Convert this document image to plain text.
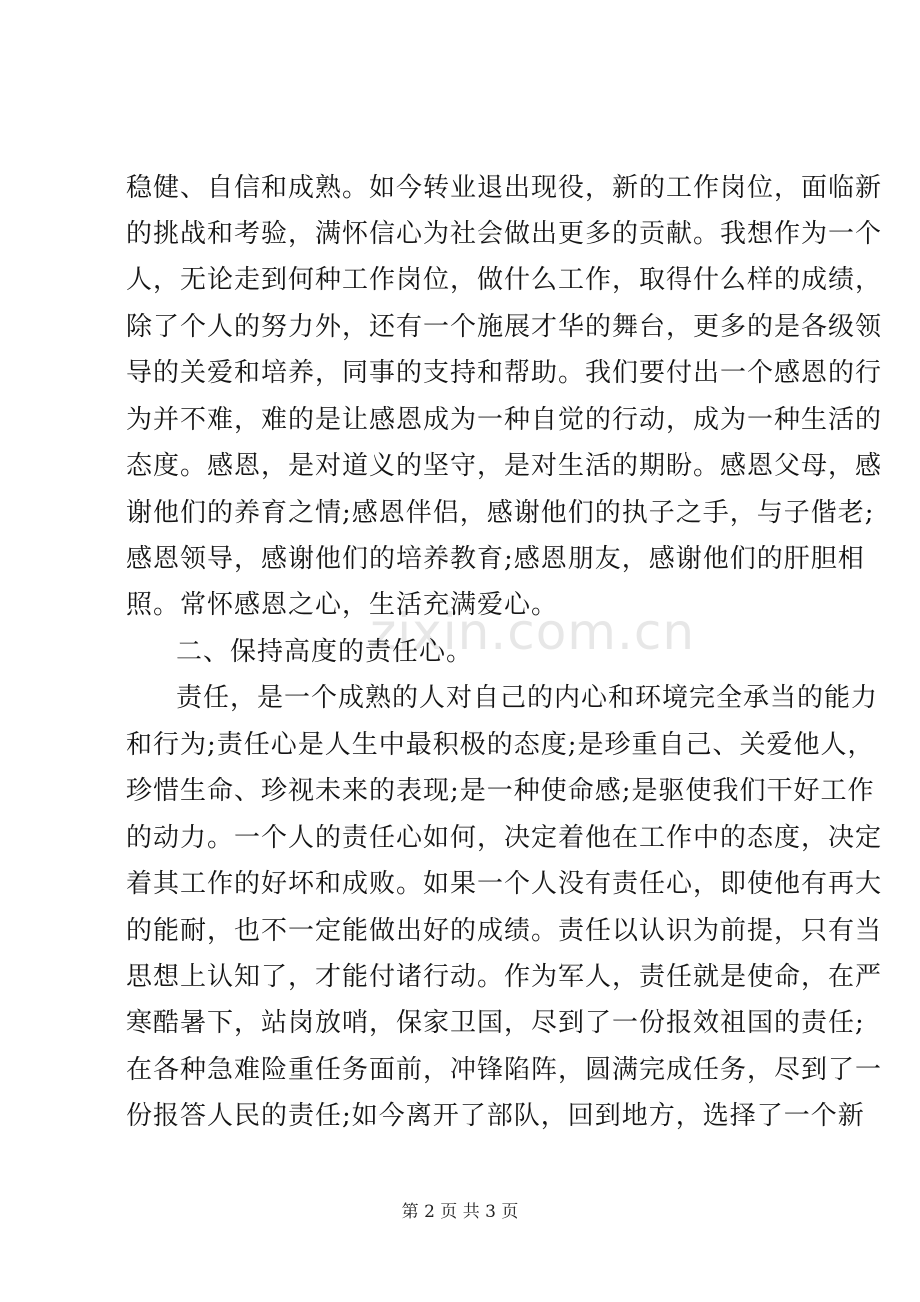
稳健、自信和成熟。如今转业退出现役，新的工作岗位，面临新
的挑战和考验，满怀信心为社会做出更多的贡献。我想作为一个
人，无论走到何种工作岗位，做什么工作，取得什么样的成绩，
除了个人的努力外，还有一个施展才华的舞台，更多的是各级领
导的关爱和培养，同事的支持和帮助。我们要付出一个感恩的行
为并不难，难的是让感恩成为一种自觉的行动，成为一种生活的
态度。感恩，是对道义的坚守，是对生活的期盼。感恩父母，感
谢他们的养育之情;感恩伴侣，感谢他们的执子之手，与子偕老;
感恩领导，感谢他们的培养教育;感恩朋友，感谢他们的肝胆相
照。常怀感恩之心，生活充满爱心。
zixin.com.cn
二、保持高度的责任心。
责任，是一个成熟的人对自己的内心和环境完全承当的能力
和行为;责任心是人生中最积极的态度;是珍重自己、关爱他人，
珍惜生命、珍视未来的表现;是一种使命感;是驱使我们干好工作
的动力。一个人的责任心如何，决定着他在工作中的态度，决定
着其工作的好坏和成败。如果一个人没有责任心，即使他有再大
的能耐，也不一定能做出好的成绩。责任以认识为前提，只有当
思想上认知了，才能付诸行动。作为军人，责任就是使命，在严
寒酷暑下，站岗放哨，保家卫国，尽到了一份报效祖国的责任;
在各种急难险重任务面前，冲锋陷阵，圆满完成任务，尽到了一
份报答人民的责任;如今离开了部队，回到地方，选择了一个新
第 2 页 共 3 页
